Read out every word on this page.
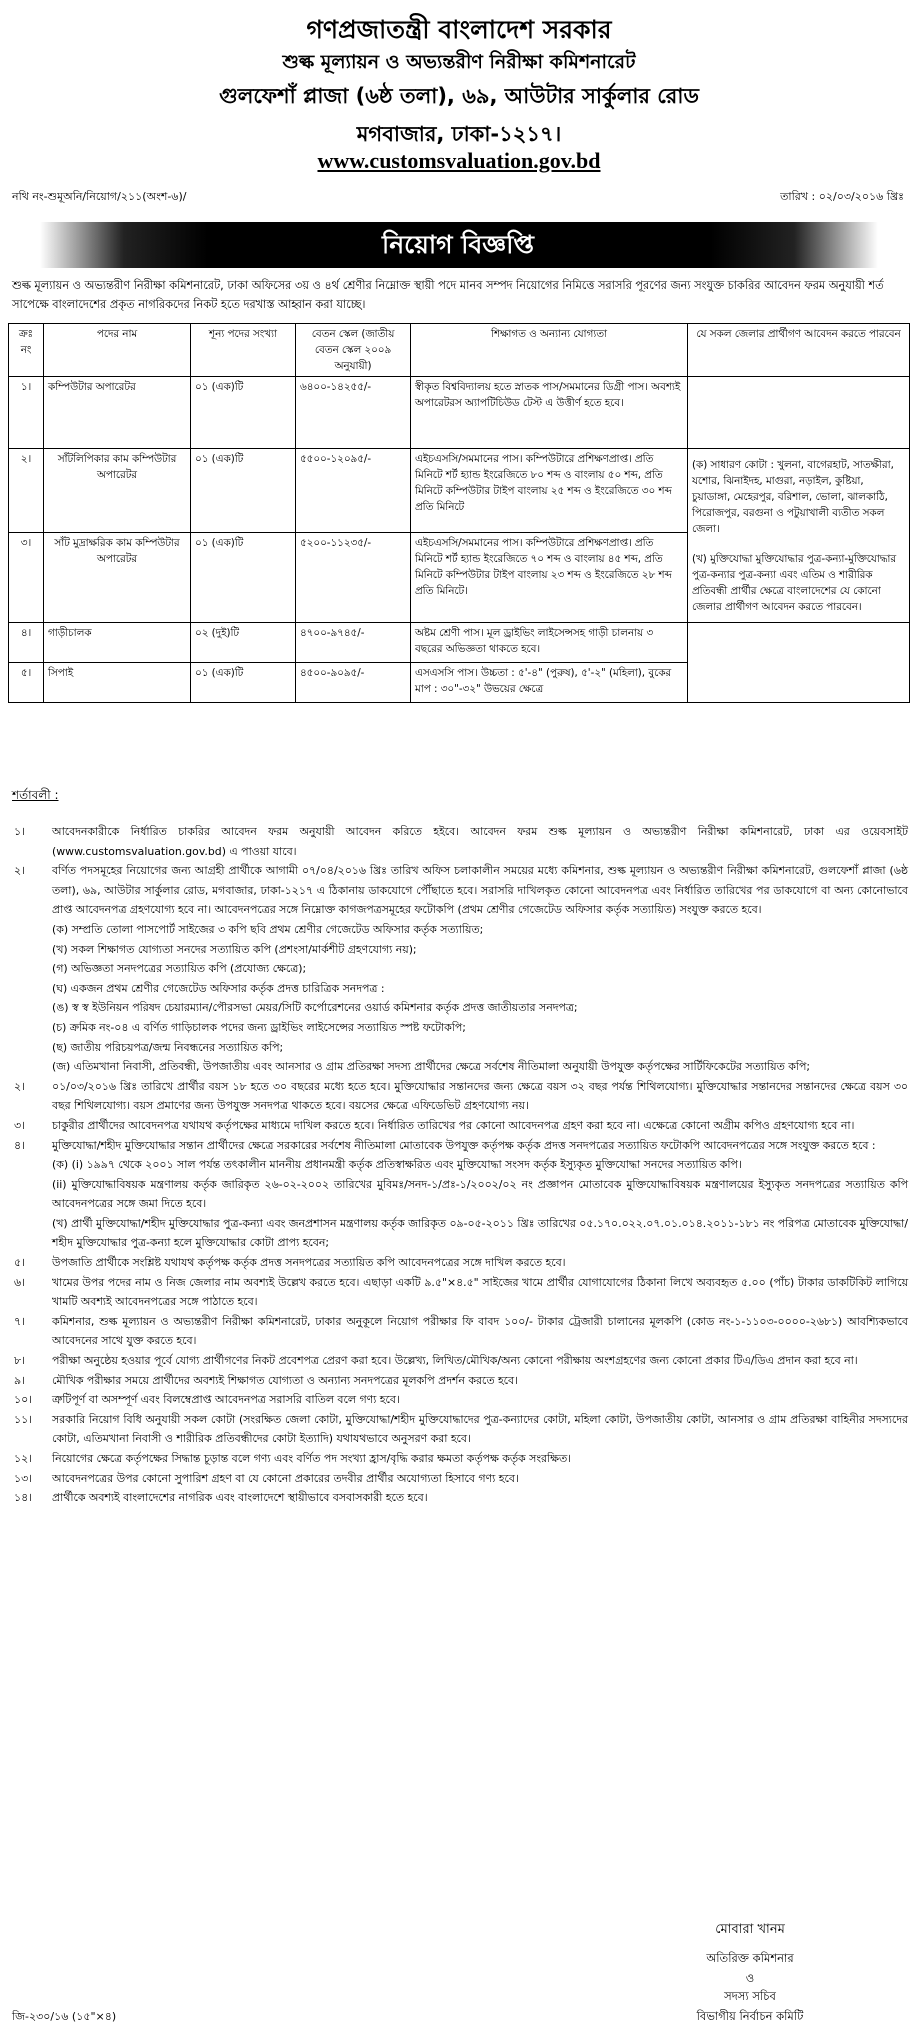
গণপ্রজাতন্ত্রী বাংলাদেশ সরকার
শুল্ক মূল্যায়ন ও অভ্যন্তরীণ নিরীক্ষা কমিশনারেট
গুলফেশাঁ প্লাজা (৬ষ্ঠ তলা), ৬৯, আউটার সার্কুলার রোড
মগবাজার, ঢাকা-১২১৭।
www.customsvaluation.gov.bd
নথি নং-শুমূঅনি/নিয়োগ/২১১(অংশ-৬)/	তারিখ : ০২/০৩/২০১৬ খ্রিঃ
নিয়োগ বিজ্ঞপ্তি
শুল্ক মূল্যায়ন ও অভ্যন্তরীণ নিরীক্ষা কমিশনারেট, ঢাকা অফিসের ৩য় ও ৪র্থ শ্রেণীর নিম্নোক্ত স্থায়ী পদে মানব সম্পদ নিয়োগের নিমিত্তে সরাসরি পূরণের জন্য সংযুক্ত চাকরির আবেদন ফরম অনুযায়ী শর্ত সাপেক্ষে বাংলাদেশের প্রকৃত নাগরিকদের নিকট হতে দরখাস্ত আহ্বান করা যাচ্ছে।
ক্রঃ নং	পদের নাম	শূন্য পদের সংখ্যা	বেতন স্কেল (জাতীয় বেতন স্কেল ২০০৯ অনুযায়ী)	শিক্ষাগত ও অন্যান্য যোগ্যতা	যে সকল জেলার প্রার্থীগণ আবেদন করতে পারবেন
১।	কম্পিউটার অপারেটর	০১ (এক)টি	৬৪০০-১৪২৫৫/-	স্বীকৃত বিশ্ববিদ্যালয় হতে স্নাতক পাস/সমমানের ডিগ্রী পাস। অবশ্যই অপারেটরস অ্যাপটিচিউড টেস্ট এ উত্তীর্ণ হতে হবে।	
২।	সাঁটলিপিকার কাম কম্পিউটার অপারেটর	০১ (এক)টি	৫৫০০-১২০৯৫/-	এইচএসসি/সমমানের পাস। কম্পিউটারে প্রশিক্ষণপ্রাপ্ত। প্রতি মিনিটে শর্ট হ্যান্ড ইংরেজিতে ৮০ শব্দ ও বাংলায় ৫০ শব্দ, প্রতি মিনিটে কম্পিউটার টাইপ বাংলায় ২৫ শব্দ ও ইংরেজিতে ৩০ শব্দ প্রতি মিনিটে	(ক) সাধারণ কোটা : খুলনা, বাগেরহাট, সাতক্ষীরা, যশোর, ঝিনাইদহ, মাগুরা, নড়াইল, কুষ্টিয়া, চুয়াডাঙ্গা, মেহেরপুর, বরিশাল, ভোলা, ঝালকাঠি, পিরোজপুর, বরগুনা ও পটুয়াখালী ব্যতীত সকল জেলা।
(খ) মুক্তিযোদ্ধা মুক্তিযোদ্ধার পুত্র-কন্যা-মুক্তিযোদ্ধার পুত্র-কন্যার পুত্র-কন্যা এবং এতিম ও শারীরিক প্রতিবন্ধী প্রার্থীর ক্ষেত্রে বাংলাদেশের যে কোনো জেলার প্রার্থীগণ আবেদন করতে পারবেন।

৩।	সাঁট মুদ্রাক্ষরিক কাম কম্পিউটার অপারেটর	০১ (এক)টি	৫২০০-১১২৩৫/-	এইচএসসি/সমমানের পাস। কম্পিউটারে প্রশিক্ষণপ্রাপ্ত। প্রতি মিনিটে শর্ট হ্যান্ড ইংরেজিতে ৭০ শব্দ ও বাংলায় ৪৫ শব্দ, প্রতি মিনিটে কম্পিউটার টাইপ বাংলায় ২৩ শব্দ ও ইংরেজিতে ২৮ শব্দ প্রতি মিনিটে।	
৪।	গাড়ীচালক	০২ (দুই)টি	৪৭০০-৯৭৪৫/-	অষ্টম শ্রেণী পাস। মূল ড্রাইভিং লাইসেন্সসহ গাড়ী চালনায় ৩ বছরের অভিজ্ঞতা থাকতে হবে।	
৫।	সিপাই	০১ (এক)টি	৪৫০০-৯০৯৫/-	এসএসসি পাস। উচ্চতা : ৫'-৪" (পুরুষ), ৫'-২" (মহিলা), বুকের মাপ : ৩০"-৩২" উভয়ের ক্ষেত্রে	
শর্তাবলী :
১। আবেদনকারীকে নির্ধারিত চাকরির আবেদন ফরম অনুযায়ী আবেদন করিতে হইবে। আবেদন ফরম শুল্ক মূল্যায়ন ও অভ্যন্তরীণ নিরীক্ষা কমিশনারেট, ঢাকা এর ওয়েবসাইট (www.customsvaluation.gov.bd) এ পাওয়া যাবে।
২। বর্ণিত পদসমূহের নিয়োগের জন্য আগ্রহী প্রার্থীকে আগামী ০৭/০৪/২০১৬ খ্রিঃ তারিখ অফিস চলাকালীন সময়ের মধ্যে কমিশনার, শুল্ক মূল্যায়ন ও অভ্যন্তরীণ নিরীক্ষা কমিশনারেট, গুলফেশাঁ প্লাজা (৬ষ্ঠ তলা), ৬৯, আউটার সার্কুলার রোড, মগবাজার, ঢাকা-১২১৭ এ ঠিকানায় ডাকযোগে পৌঁছাতে হবে। সরাসরি দাখিলকৃত কোনো আবেদনপত্র এবং নির্ধারিত তারিখের পর ডাকযোগে বা অন্য কোনোভাবে প্রাপ্ত আবেদনপত্র গ্রহণযোগ্য হবে না। আবেদনপত্রের সঙ্গে নিম্নোক্ত কাগজপত্রসমূহের ফটোকপি (প্রথম শ্রেণীর গেজেটেড অফিসার কর্তৃক সত্যায়িত) সংযুক্ত করতে হবে।
(ক) সম্প্রতি তোলা পাসপোর্ট সাইজের ৩ কপি ছবি প্রথম শ্রেণীর গেজেটেড অফিসার কর্তৃক সত্যায়িত;
(খ) সকল শিক্ষাগত যোগ্যতা সনদের সত্যায়িত কপি (প্রশংসা/মার্কশীট গ্রহণযোগ্য নয়);
(গ) অভিজ্ঞতা সনদপত্রের সত্যায়িত কপি (প্রযোজ্য ক্ষেত্রে);
(ঘ) একজন প্রথম শ্রেণীর গেজেটেড অফিসার কর্তৃক প্রদত্ত চারিত্রিক সনদপত্র :
(ঙ) স্ব স্ব ইউনিয়ন পরিষদ চেয়ারম্যান/পৌরসভা মেয়র/সিটি কর্পোরেশনের ওয়ার্ড কমিশনার কর্তৃক প্রদত্ত জাতীয়তার সনদপত্র;
(চ) ক্রমিক নং-০৪ এ বর্ণিত গাড়িচালক পদের জন্য ড্রাইভিং লাইসেন্সের সত্যায়িত স্পষ্ট ফটোকপি;
(ছ) জাতীয় পরিচয়পত্র/জন্ম নিবন্ধনের সত্যায়িত কপি;
(জ) এতিমখানা নিবাসী, প্রতিবন্ধী, উপজাতীয় এবং আনসার ও গ্রাম প্রতিরক্ষা সদস্য প্রার্থীদের ক্ষেত্রে সর্বশেষ নীতিমালা অনুযায়ী উপযুক্ত কর্তৃপক্ষের সার্টিফিকেটের সত্যায়িত কপি;
২। ০১/০৩/২০১৬ খ্রিঃ তারিখে প্রার্থীর বয়স ১৮ হতে ৩০ বছরের মধ্যে হতে হবে। মুক্তিযোদ্ধার সন্তানদের জন্য ক্ষেত্রে বয়স ৩২ বছর পর্যন্ত শিথিলযোগ্য। মুক্তিযোদ্ধার সন্তানদের সন্তানদের ক্ষেত্রে বয়স ৩০ বছর শিথিলযোগ্য। বয়স প্রমাণের জন্য উপযুক্ত সনদপত্র থাকতে হবে। বয়সের ক্ষেত্রে এফিডেভিট গ্রহণযোগ্য নয়।
৩। চাকুরীর প্রার্থীদের আবেদনপত্র যথাযথ কর্তৃপক্ষের মাধ্যমে দাখিল করতে হবে। নির্ধারিত তারিখের পর কোনো আবেদনপত্র গ্রহণ করা হবে না। এক্ষেত্রে কোনো অগ্রীম কপিও গ্রহণযোগ্য হবে না।
৪। মুক্তিযোদ্ধা/শহীদ মুক্তিযোদ্ধার সন্তান প্রার্থীদের ক্ষেত্রে সরকারের সর্বশেষ নীতিমালা মোতাবেক উপযুক্ত কর্তৃপক্ষ কর্তৃক প্রদত্ত সনদপত্রের সত্যায়িত ফটোকপি আবেদনপত্রের সঙ্গে সংযুক্ত করতে হবে :
(ক) (i) ১৯৯৭ থেকে ২০০১ সাল পর্যন্ত তৎকালীন মাননীয় প্রধানমন্ত্রী কর্তৃক প্রতিস্বাক্ষরিত এবং মুক্তিযোদ্ধা সংসদ কর্তৃক ইস্যুকৃত মুক্তিযোদ্ধা সনদের সত্যায়িত কপি।
(ii) মুক্তিযোদ্ধাবিষয়ক মন্ত্রণালয় কর্তৃক জারিকৃত ২৬-০২-২০০২ তারিখের মুবিমঃ/সনদ-১/প্রঃ-১/২০০২/০২ নং প্রজ্ঞাপন মোতাবেক মুক্তিযোদ্ধাবিষয়ক মন্ত্রণালয়ের ইস্যুকৃত সনদপত্রের সত্যায়িত কপি আবেদনপত্রের সঙ্গে জমা দিতে হবে।
(খ) প্রার্থী মুক্তিযোদ্ধা/শহীদ মুক্তিযোদ্ধার পুত্র-কন্যা এবং জনপ্রশাসন মন্ত্রণালয় কর্তৃক জারিকৃত ০৯-০৫-২০১১ খ্রিঃ তারিখের ০৫.১৭০.০২২.০৭.০১.০১৪.২০১১-১৮১ নং পরিপত্র মোতাবেক মুক্তিযোদ্ধা/শহীদ মুক্তিযোদ্ধার পুত্র-কন্যা হলে মুক্তিযোদ্ধার কোটা প্রাপ্য হবেন;
৫। উপজাতি প্রার্থীকে সংশ্লিষ্ট যথাযথ কর্তৃপক্ষ কর্তৃক প্রদত্ত সনদপত্রের সত্যায়িত কপি আবেদনপত্রের সঙ্গে দাখিল করতে হবে।
৬। খামের উপর পদের নাম ও নিজ জেলার নাম অবশ্যই উল্লেখ করতে হবে। এছাড়া একটি ৯.৫"×৪.৫" সাইজের খামে প্রার্থীর যোগাযোগের ঠিকানা লিখে অব্যবহৃত ৫.০০ (পাঁচ) টাকার ডাকটিকিট লাগিয়ে খামটি অবশ্যই আবেদনপত্রের সঙ্গে পাঠাতে হবে।
৭। কমিশনার, শুল্ক মূল্যায়ন ও অভ্যন্তরীণ নিরীক্ষা কমিশনারেট, ঢাকার অনুকূলে নিয়োগ পরীক্ষার ফি বাবদ ১০০/- টাকার ট্রেজারী চালানের মূলকপি (কোড নং-১-১১০৩-০০০০-২৬৮১) আবশ্যিকভাবে আবেদনের সাথে যুক্ত করতে হবে।
৮। পরীক্ষা অনুষ্ঠেয় হওয়ার পূর্বে যোগ্য প্রার্থীগণের নিকট প্রবেশপত্র প্রেরণ করা হবে। উল্লেখ্য, লিখিত/মৌখিক/অন্য কোনো পরীক্ষায় অংশগ্রহণের জন্য কোনো প্রকার টিএ/ডিএ প্রদান করা হবে না।
৯। মৌখিক পরীক্ষার সময়ে প্রার্থীদের অবশ্যই শিক্ষাগত যোগ্যতা ও অন্যান্য সনদপত্রের মূলকপি প্রদর্শন করতে হবে।
১০। ত্রুটিপূর্ণ বা অসম্পূর্ণ এবং বিলম্বেপ্রাপ্ত আবেদনপত্র সরাসরি বাতিল বলে গণ্য হবে।
১১। সরকারি নিয়োগ বিধি অনুযায়ী সকল কোটা (সংরক্ষিত জেলা কোটা, মুক্তিযোদ্ধা/শহীদ মুক্তিযোদ্ধাদের পুত্র-কন্যাদের কোটা, মহিলা কোটা, উপজাতীয় কোটা, আনসার ও গ্রাম প্রতিরক্ষা বাহিনীর সদস্যদের কোটা, এতিমখানা নিবাসী ও শারীরিক প্রতিবন্ধীদের কোটা ইত্যাদি) যথাযথভাবে অনুসরণ করা হবে।
১২। নিয়োগের ক্ষেত্রে কর্তৃপক্ষের সিদ্ধান্ত চূড়ান্ত বলে গণ্য এবং বর্ণিত পদ সংখ্যা হ্রাস/বৃদ্ধি করার ক্ষমতা কর্তৃপক্ষ কর্তৃক সংরক্ষিত।
১৩। আবেদনপত্রের উপর কোনো সুপারিশ গ্রহণ বা যে কোনো প্রকারের তদবীর প্রার্থীর অযোগ্যতা হিসাবে গণ্য হবে।
১৪। প্রার্থীকে অবশ্যই বাংলাদেশের নাগরিক এবং বাংলাদেশে স্থায়ীভাবে বসবাসকারী হতে হবে।
মোবারা খানম
অতিরিক্ত কমিশনার
ও
সদস্য সচিব
বিভাগীয় নির্বাচন কমিটি
জি-২৩০/১৬ (১৫"×৪)
